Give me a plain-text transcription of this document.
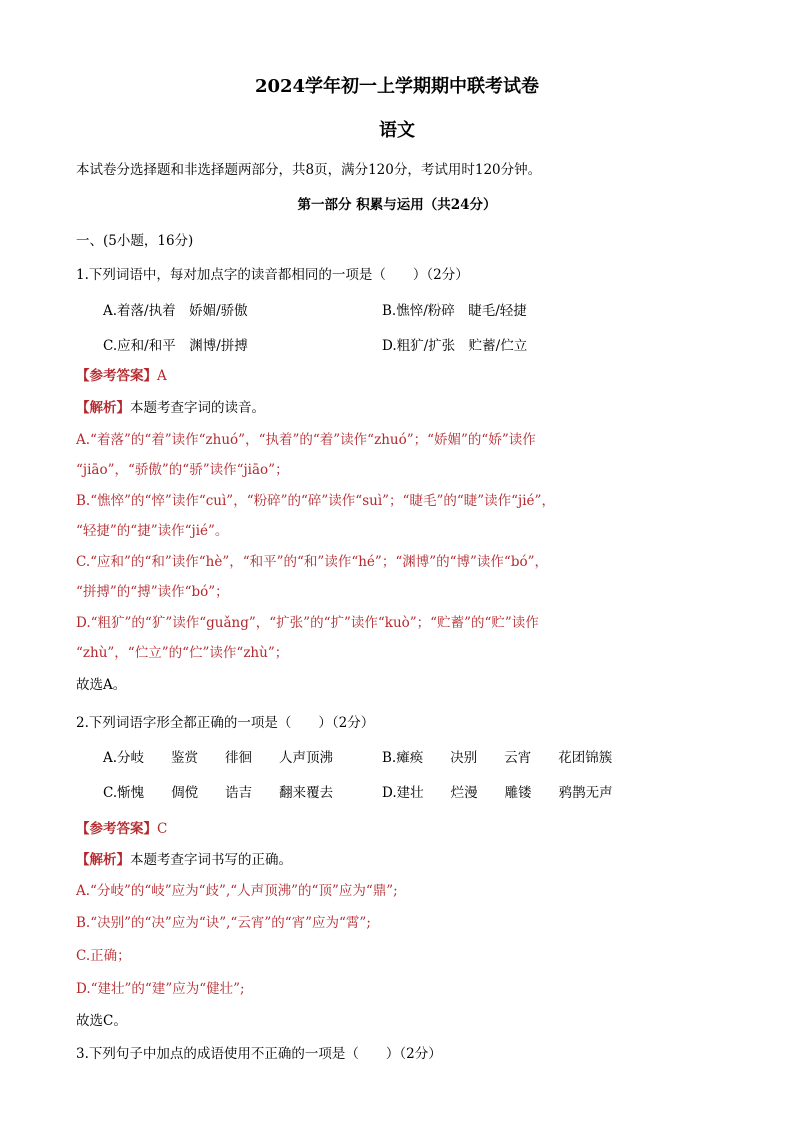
2024学年初一上学期期中联考试卷
语文
本试卷分选择题和非选择题两部分，共8页，满分120分，考试用时120分钟。
第一部分 积累与运用（共24分）
一、(5小题，16分)
1.下列词语中，每对加点字的读音都相同的一项是（　　）（2分）
A.着落/执着　娇媚/骄傲	B.憔悴/粉碎　睫毛/轻捷
C.应和/和平　渊博/拼搏	D.粗犷/扩张　贮蓄/伫立
【参考答案】A
【解析】本题考查字词的读音。
A.“着落”的“着”读作“zhuó”，“执着”的“着”读作“zhuó”；“娇媚”的“娇”读作
“jiāo”，“骄傲”的“骄”读作“jiāo”；
B.“憔悴”的“悴”读作“cuì”，“粉碎”的“碎”读作“suì”；“睫毛”的“睫”读作“jié”，
“轻捷”的“捷”读作“jié”。
C.“应和”的“和”读作“hè”，“和平”的“和”读作“hé”；“渊博”的“博”读作“bó”，
“拼搏”的“搏”读作“bó”；
D.“粗犷”的“犷”读作“guǎng”，“扩张”的“扩”读作“kuò”；“贮蓄”的“贮”读作
“zhù”，“伫立”的“伫”读作“zhù”；
故选A。
2.下列词语字形全都正确的一项是（　　）（2分）
A.分岐　　鉴赏　　徘徊　　人声顶沸	B.瘫痪　　决别　　云宵　　花团锦簇
C.惭愧　　倜傥　　诰吉　　翻来覆去	D.建壮　　烂漫　　雕镂　　鸦鹊无声
【参考答案】C
【解析】本题考查字词书写的正确。
A.“分岐”的“岐”应为“歧”,“人声顶沸”的“顶”应为“鼎”;
B.“决别”的“决”应为“诀”,“云宵”的“宵”应为“霄”;
C.正确；
D.“建壮”的“建”应为“健壮”;
故选C。
3.下列句子中加点的成语使用不正确的一项是（　　）（2分）
